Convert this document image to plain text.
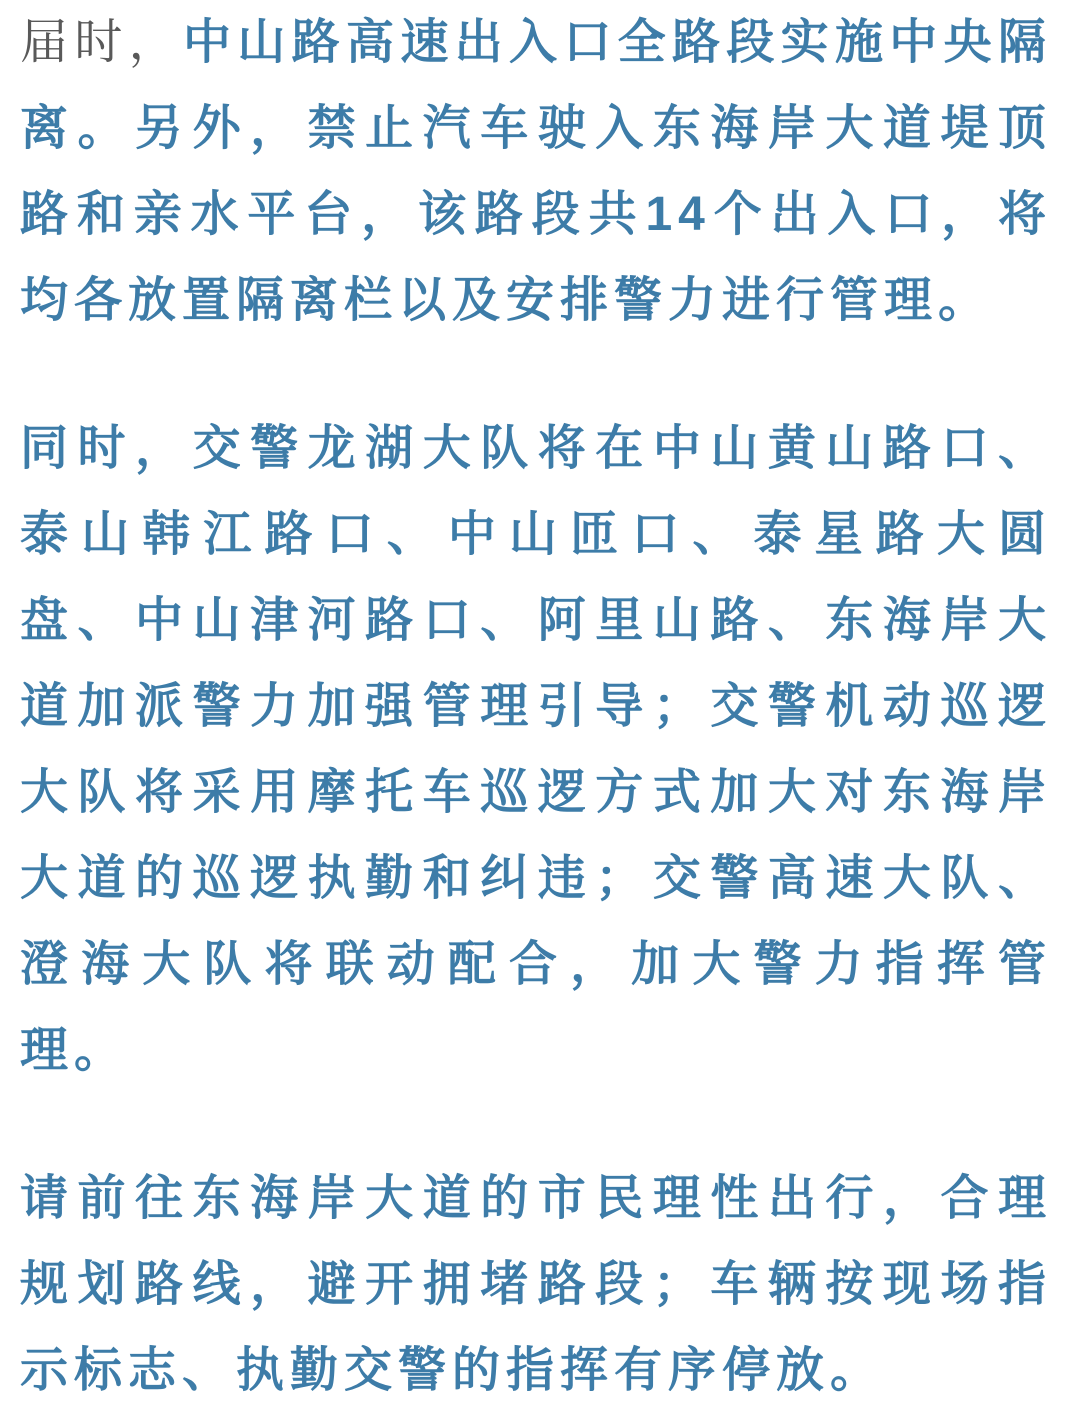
届时，中山路高速出入口全路段实施中央隔
离。另外，禁止汽车驶入东海岸大道堤顶
路和亲水平台，该路段共14个出入口，将
均各放置隔离栏以及安排警力进行管理。

同时，交警龙湖大队将在中山黄山路口、
泰山韩江路口、中山匝口、泰星路大圆
盘、中山津河路口、阿里山路、东海岸大
道加派警力加强管理引导；交警机动巡逻
大队将采用摩托车巡逻方式加大对东海岸
大道的巡逻执勤和纠违；交警高速大队、
澄海大队将联动配合，加大警力指挥管
理。

请前往东海岸大道的市民理性出行，合理
规划路线，避开拥堵路段；车辆按现场指
示标志、执勤交警的指挥有序停放。
